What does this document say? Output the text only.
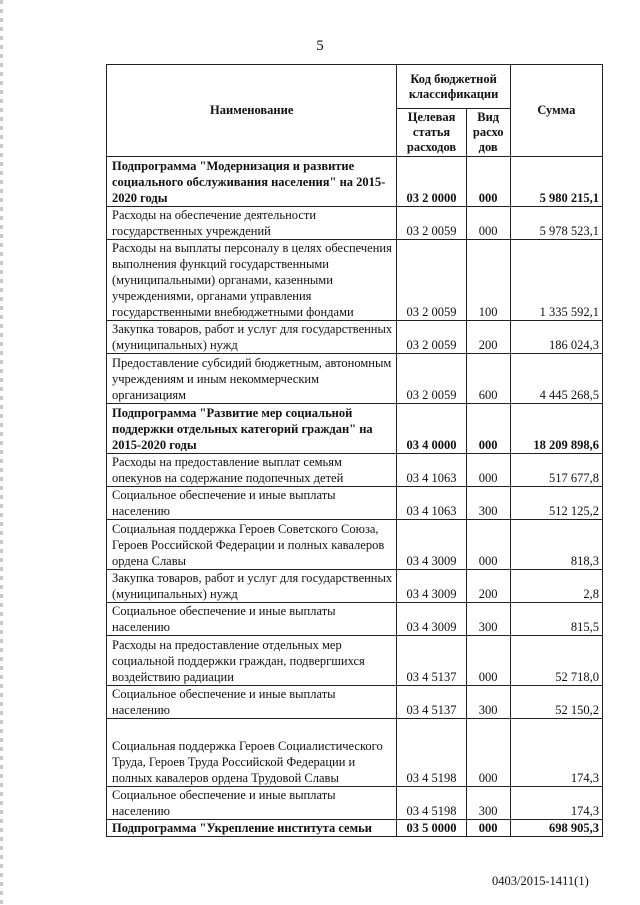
5
Наименование	Код бюджетной классификации		Сумма
	Целевая статья расходов	Вид расхо дов	
Подпрограмма "Модернизация и развитие социального обслуживания населения" на 2015-2020 годы	03 2 0000	000	5 980 215,1
Расходы на обеспечение деятельности государственных учреждений	03 2 0059	000	5 978 523,1
Расходы на выплаты персоналу в целях обеспечения выполнения функций государственными (муниципальными) органами, казенными учреждениями, органами управления государственными внебюджетными фондами	03 2 0059	100	1 335 592,1
Закупка товаров, работ и услуг для государственных (муниципальных) нужд	03 2 0059	200	186 024,3
Предоставление субсидий бюджетным, автономным учреждениям и иным некоммерческим организациям	03 2 0059	600	4 445 268,5
Подпрограмма "Развитие мер социальной поддержки отдельных категорий граждан" на 2015-2020 годы	03 4 0000	000	18 209 898,6
Расходы на предоставление выплат семьям опекунов на содержание подопечных детей	03 4 1063	000	517 677,8
Социальное обеспечение и иные выплаты населению	03 4 1063	300	512 125,2
Социальная поддержка Героев Советского Союза, Героев Российской Федерации и полных кавалеров ордена Славы	03 4 3009	000	818,3
Закупка товаров, работ и услуг для государственных (муниципальных) нужд	03 4 3009	200	2,8
Социальное обеспечение и иные выплаты населению	03 4 3009	300	815,5
Расходы на предоставление отдельных мер социальной поддержки граждан, подвергшихся воздействию радиации	03 4 5137	000	52 718,0
Социальное обеспечение и иные выплаты населению	03 4 5137	300	52 150,2
Социальная поддержка Героев Социалистического Труда, Героев Труда Российской Федерации и полных кавалеров ордена Трудовой Славы	03 4 5198	000	174,3
Социальное обеспечение и иные выплаты населению	03 4 5198	300	174,3
Подпрограмма "Укрепление института семьи	03 5 0000	000	698 905,3
0403/2015-1411(1)
